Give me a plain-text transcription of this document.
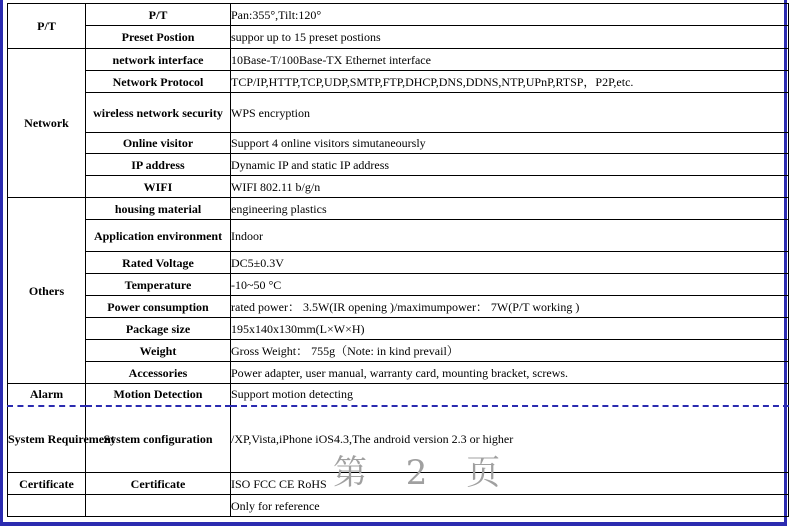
P/T	P/T	Pan:355°,Tilt:120°
	Preset Postion	suppor up to 15 preset postions
Network	network interface	10Base-T/100Base-TX Ethernet interface
	Network Protocol	TCP/IP,HTTP,TCP,UDP,SMTP,FTP,DHCP,DNS,DDNS,NTP,UPnP,RTSP，P2P,etc.
	wireless network security	WPS encryption
	Online visitor	Support 4 online visitors simutaneoursly
	IP address	Dynamic IP and static IP address
	WIFI	WIFI 802.11 b/g/n
Others	housing material	engineering plastics
	Application environment	Indoor
	Rated Voltage	DC5±0.3V
	Temperature	-10~50 °C
	Power consumption	rated power： 3.5W(IR opening )/maximumpower： 7W(P/T working )
	Package size	195x140x130mm(L×W×H)
	Weight	Gross Weight： 755g（Note: in kind prevail）
	Accessories	Power adapter, user manual, warranty card, mounting bracket, screws.
Alarm	Motion Detection	Support motion detecting
System Requirement	System configuration	/XP,Vista,iPhone iOS4.3,The android version 2.3 or higher
Certificate	Certificate	ISO FCC CE RoHS
		Only for reference
第 2 页
